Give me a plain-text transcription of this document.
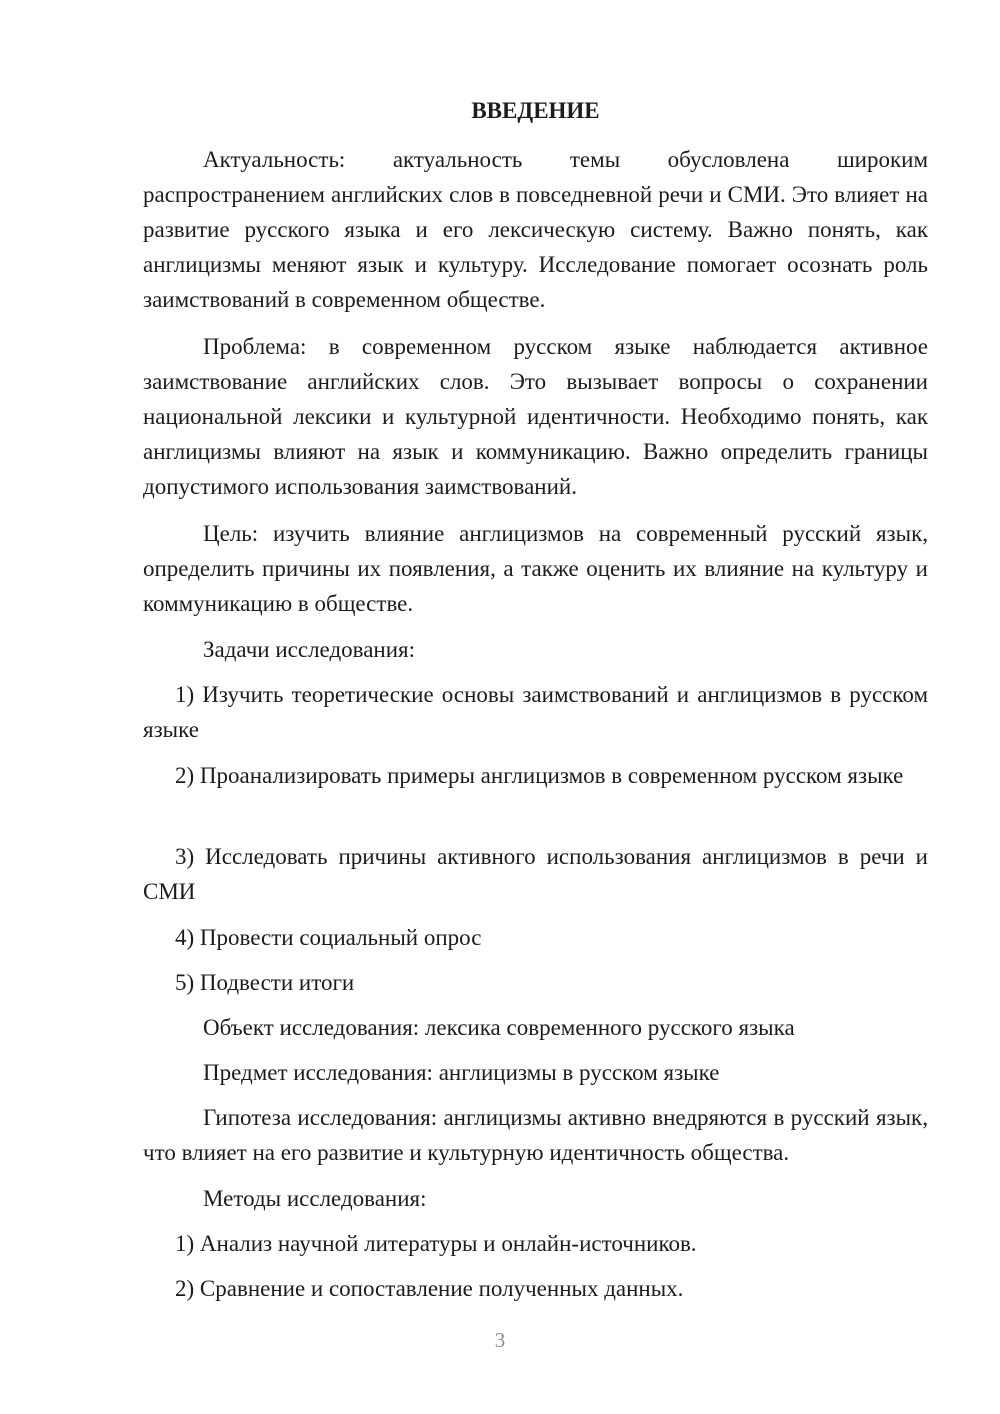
ВВЕДЕНИЕ

Актуальность: актуальность темы обусловлена широким распространением английских слов в повседневной речи и СМИ. Это влияет на развитие русского языка и его лексическую систему. Важно понять, как англицизмы меняют язык и культуру. Исследование помогает осознать роль заимствований в современном обществе.

Проблема: в современном русском языке наблюдается активное заимствование английских слов. Это вызывает вопросы о сохранении национальной лексики и культурной идентичности. Необходимо понять, как англицизмы влияют на язык и коммуникацию. Важно определить границы допустимого использования заимствований.

Цель: изучить влияние англицизмов на современный русский язык, определить причины их появления, а также оценить их влияние на культуру и коммуникацию в обществе.

Задачи исследования:

1) Изучить теоретические основы заимствований и англицизмов в русском языке

2) Проанализировать примеры англицизмов в современном русском языке

3) Исследовать причины активного использования англицизмов в речи и СМИ

4) Провести социальный опрос

5) Подвести итоги

Объект исследования: лексика современного русского языка

Предмет исследования: англицизмы в русском языке

Гипотеза исследования: англицизмы активно внедряются в русский язык, что влияет на его развитие и культурную идентичность общества.

Методы исследования:

1) Анализ научной литературы и онлайн-источников.

2) Сравнение и сопоставление полученных данных.

3
